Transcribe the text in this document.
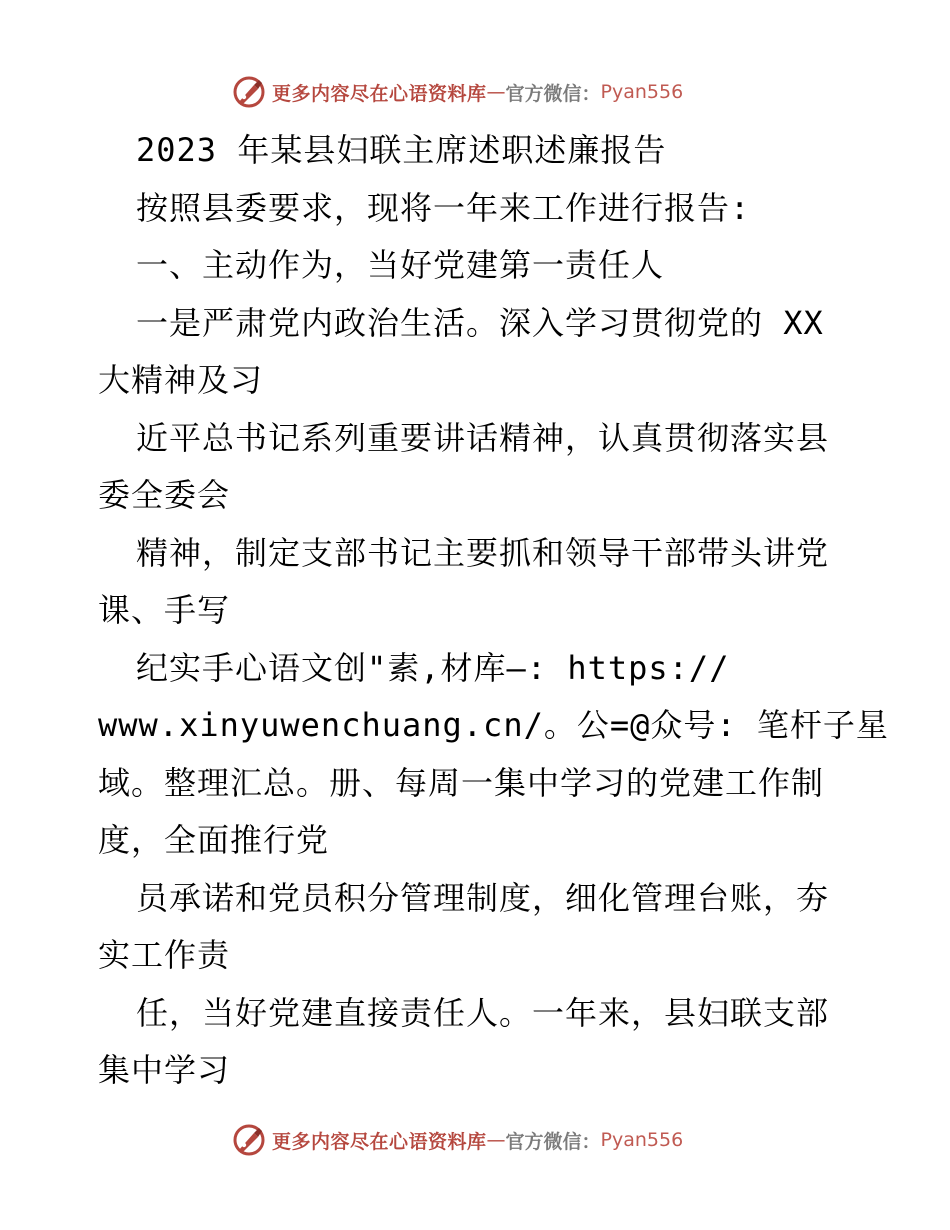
更多内容尽在心语资料库 — 官方微信： Pyan556
2023 年某县妇联主席述职述廉报告
按照县委要求，现将一年来工作进行报告:
一、主动作为，当好党建第一责任人
一是严肃党内政治生活。深入学习贯彻党的 XX
大精神及习
近平总书记系列重要讲话精神，认真贯彻落实县
委全委会
精神，制定支部书记主要抓和领导干部带头讲党
课、手写
纪实手心语文创"素,材库—: https://
www.xinyuwenchuang.cn/。公=@众号: 笔杆子星
域。整理汇总。册、每周一集中学习的党建工作制
度，全面推行党
员承诺和党员积分管理制度，细化管理台账，夯
实工作责
任，当好党建直接责任人。一年来，县妇联支部
集中学习
更多内容尽在心语资料库 — 官方微信： Pyan556
